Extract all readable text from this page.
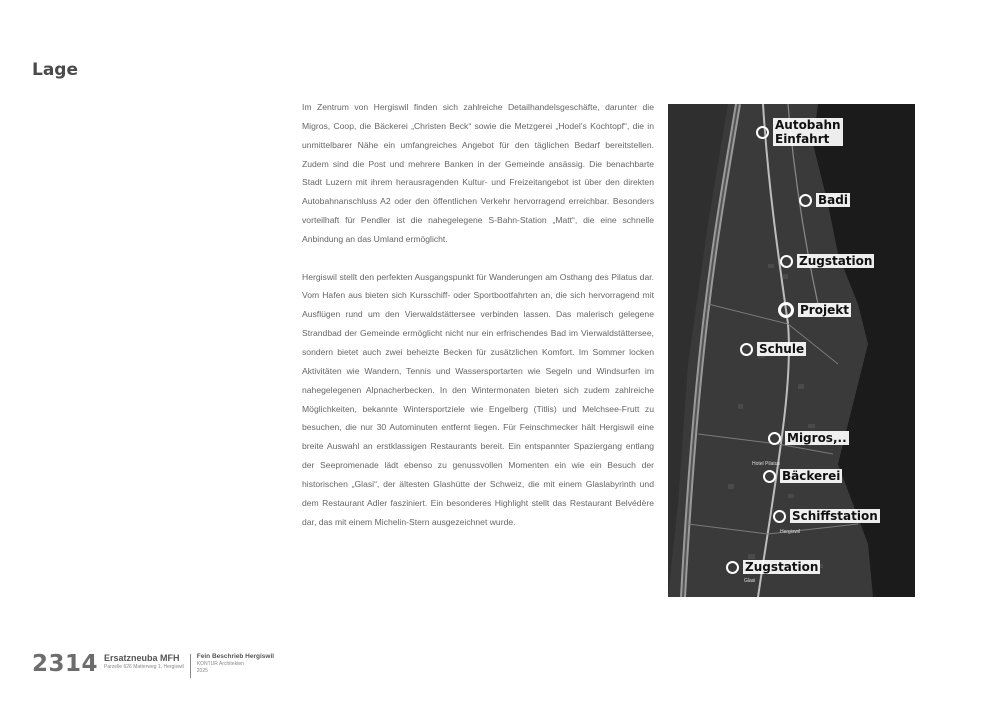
Lage

Im Zentrum von Hergiswil finden sich zahlreiche Detailhandelsgeschäfte, darunter die Migros, Coop, die Bäckerei „Christen Beck“ sowie die Metzgerei „Hodel’s Kochtopf“, die in unmittelbarer Nähe ein umfangreiches Angebot für den täglichen Bedarf bereitstellen. Zudem sind die Post und mehrere Banken in der Gemeinde ansässig. Die benachbarte Stadt Luzern mit ihrem herausragenden Kultur- und Freizeitangebot ist über den direkten Autobahnanschluss A2 oder den öffentlichen Verkehr hervorragend erreichbar. Besonders vorteilhaft für Pendler ist die nahegelegene S-Bahn-Station „Matt“, die eine schnelle Anbindung an das Umland ermöglicht.

Hergiswil stellt den perfekten Ausgangspunkt für Wanderungen am Osthang des Pilatus dar. Vom Hafen aus bieten sich Kursschiff- oder Sportbootfahrten an, die sich hervorragend mit Ausflügen rund um den Vierwaldstättersee verbinden lassen. Das malerisch gelegene Strandbad der Gemeinde ermöglicht nicht nur ein erfrischendes Bad im Vierwaldstättersee, sondern bietet auch zwei beheizte Becken für zusätzlichen Komfort. Im Sommer locken Aktivitäten wie Wandern, Tennis und Wassersportarten wie Segeln und Windsurfen im nahegelegenen Alpnacherbecken. In den Wintermonaten bieten sich zudem zahlreiche Möglichkeiten, bekannte Wintersportziele wie Engelberg (Titlis) und Melchsee-Frutt zu besuchen, die nur 30 Autominuten entfernt liegen. Für Feinschmecker hält Hergiswil eine breite Auswahl an erstklassigen Restaurants bereit. Ein entspannter Spaziergang entlang der Seepromenade lädt ebenso zu genussvollen Momenten ein wie ein Besuch der historischen „Glasi“, der ältesten Glashütte der Schweiz, die mit einem Glaslabyrinth und dem Restaurant Adler fasziniert. Ein besonderes Highlight stellt das Restaurant Belvédère dar, das mit einem Michelin-Stern ausgezeichnet wurde.

Autobahn
Einfahrt
Badi
Zugstation
Projekt
Schule
Migros,..
Bäckerei
Schiffstation
Zugstation
Hotel Pilatus
Hergiswil
Glasi
2314 Ersatzneuba MFH
Parzelle 626 Matterweg 1, Hergiswil
Fein Beschrieb Hergiswil
KONTUR Architekten
2025
